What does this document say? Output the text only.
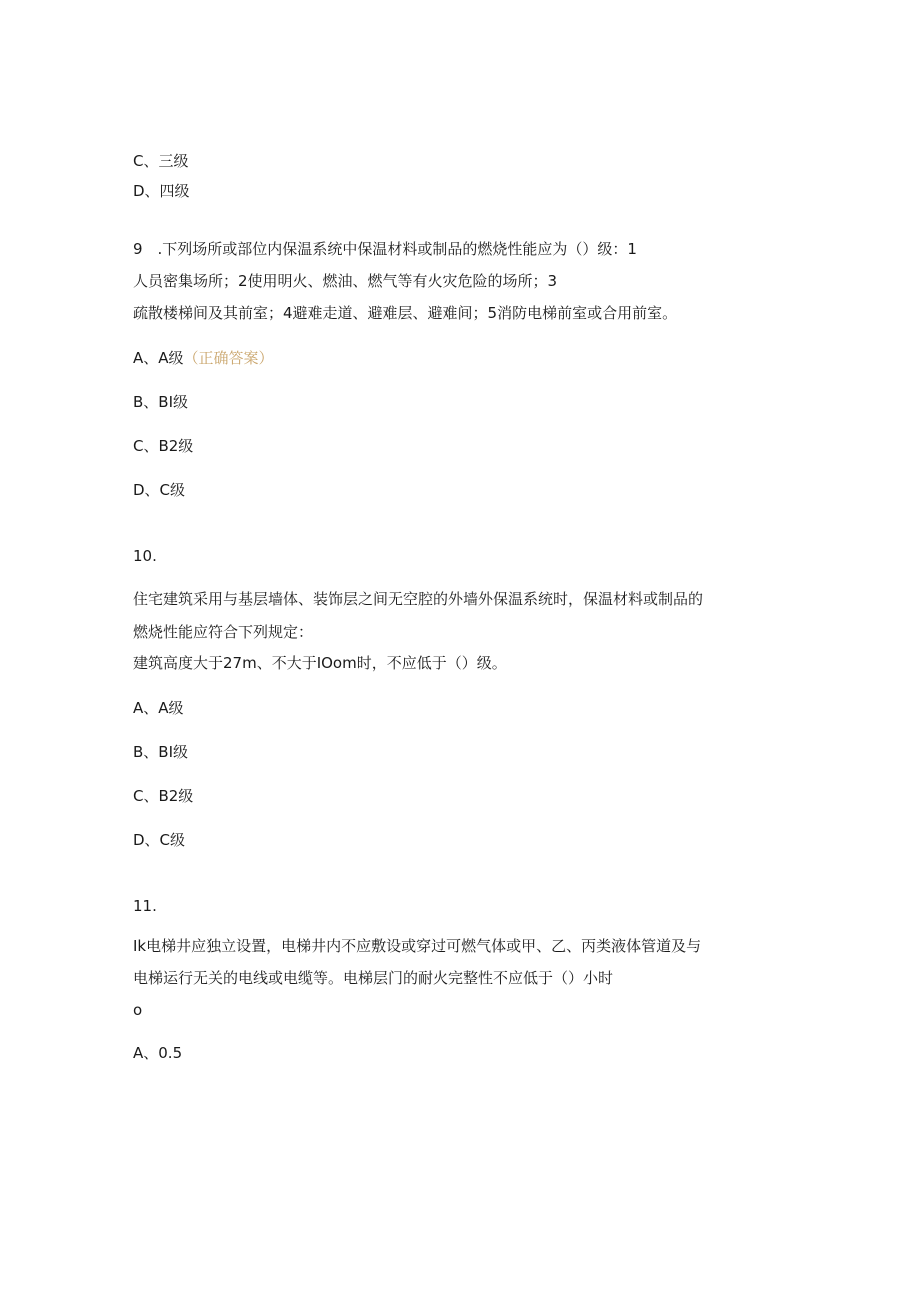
C、三级
D、四级
9 .下列场所或部位内保温系统中保温材料或制品的燃烧性能应为（）级：1
人员密集场所；2使用明火、燃油、燃气等有火灾危险的场所；3
疏散楼梯间及其前室；4避难走道、避难层、避难间；5消防电梯前室或合用前室。
A、A级（正确答案）
B、BI级
C、B2级
D、C级
10.
住宅建筑采用与基层墙体、装饰层之间无空腔的外墙外保温系统时，保温材料或制品的
燃烧性能应符合下列规定：
建筑高度大于27m、不大于IOom时，不应低于（）级。
A、A级
B、BI级
C、B2级
D、C级
11.
Ik电梯井应独立设置，电梯井内不应敷设或穿过可燃气体或甲、乙、丙类液体管道及与
电梯运行无关的电线或电缆等。电梯层门的耐火完整性不应低于（）小时
o
A、0.5
